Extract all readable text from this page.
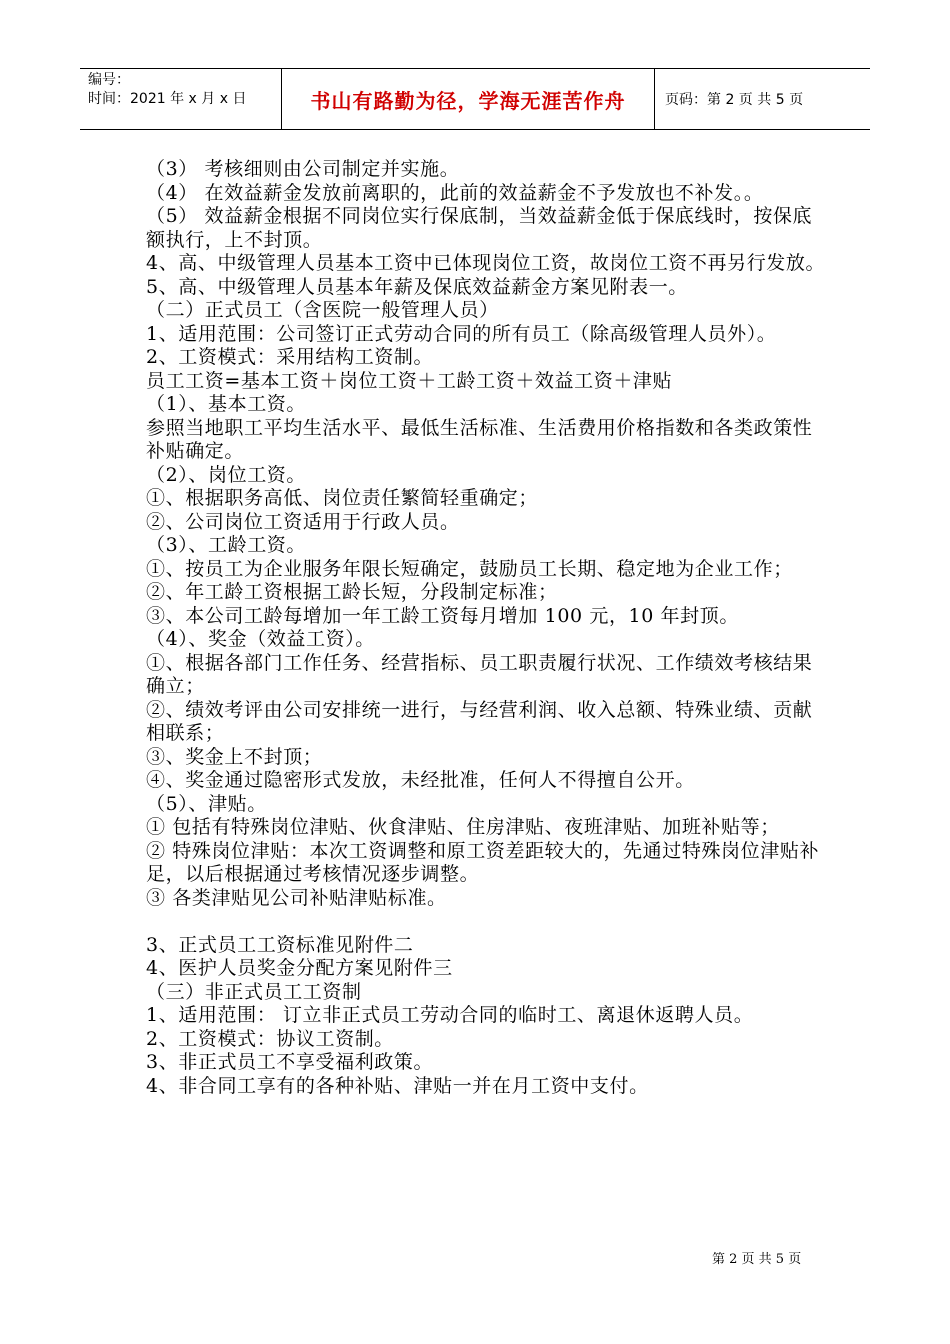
编号：
时间：2021 年 x 月 x 日	书山有路勤为径，学海无涯苦作舟	页码：第 2 页 共 5 页

（3） 考核细则由公司制定并实施。

（4） 在效益薪金发放前离职的，此前的效益薪金不予发放也不补发。。

（5） 效益薪金根据不同岗位实行保底制，当效益薪金低于保底线时，按保底额执行，上不封顶。

4、高、中级管理人员基本工资中已体现岗位工资，故岗位工资不再另行发放。

5、高、中级管理人员基本年薪及保底效益薪金方案见附表一。

（二）正式员工（含医院一般管理人员）

1、适用范围：公司签订正式劳动合同的所有员工（除高级管理人员外）。

2、工资模式：采用结构工资制。

员工工资=基本工资＋岗位工资＋工龄工资＋效益工资＋津贴

（1）、基本工资。

参照当地职工平均生活水平、最低生活标准、生活费用价格指数和各类政策性补贴确定。

（2）、岗位工资。

①、根据职务高低、岗位责任繁简轻重确定；

②、公司岗位工资适用于行政人员。

（3）、工龄工资。

①、按员工为企业服务年限长短确定，鼓励员工长期、稳定地为企业工作；

②、年工龄工资根据工龄长短，分段制定标准；

③、本公司工龄每增加一年工龄工资每月增加 100 元，10 年封顶。

（4）、奖金（效益工资）。

①、根据各部门工作任务、经营指标、员工职责履行状况、工作绩效考核结果确立；

②、绩效考评由公司安排统一进行，与经营利润、收入总额、特殊业绩、贡献相联系；

③、奖金上不封顶；

④、奖金通过隐密形式发放，未经批准，任何人不得擅自公开。

（5）、津贴。

① 包括有特殊岗位津贴、伙食津贴、住房津贴、夜班津贴、加班补贴等；

② 特殊岗位津贴：本次工资调整和原工资差距较大的，先通过特殊岗位津贴补足，以后根据通过考核情况逐步调整。

③ 各类津贴见公司补贴津贴标准。

3、正式员工工资标准见附件二

4、医护人员奖金分配方案见附件三

（三）非正式员工工资制

1、适用范围： 订立非正式员工劳动合同的临时工、离退休返聘人员。

2、工资模式：协议工资制。

3、非正式员工不享受福利政策。

4、非合同工享有的各种补贴、津贴一并在月工资中支付。

第 2 页 共 5 页
